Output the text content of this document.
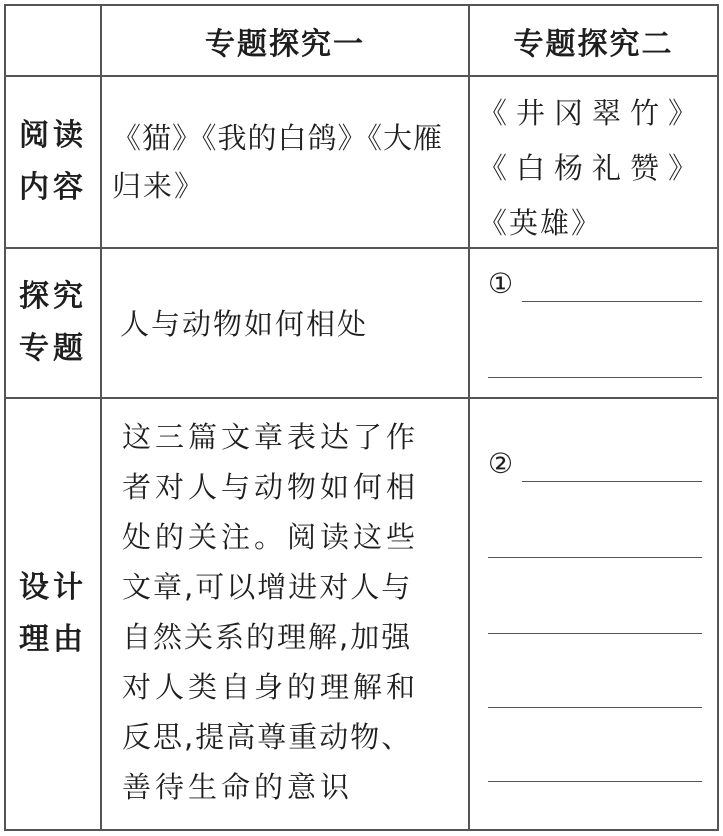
专题探究一	专题探究二
阅读
内容
《猫》《我的白鸽》《大雁
归来》
《井冈翠竹》
《白杨礼赞》
《英雄》
探究
专题
人与动物如何相处
①
设计
理由
这三篇文章表达了作
者对人与动物如何相
处的关注。阅读这些
文章,可以增进对人与
自然关系的理解,加强
对人类自身的理解和
反思,提高尊重动物、
善待生命的意识
②
